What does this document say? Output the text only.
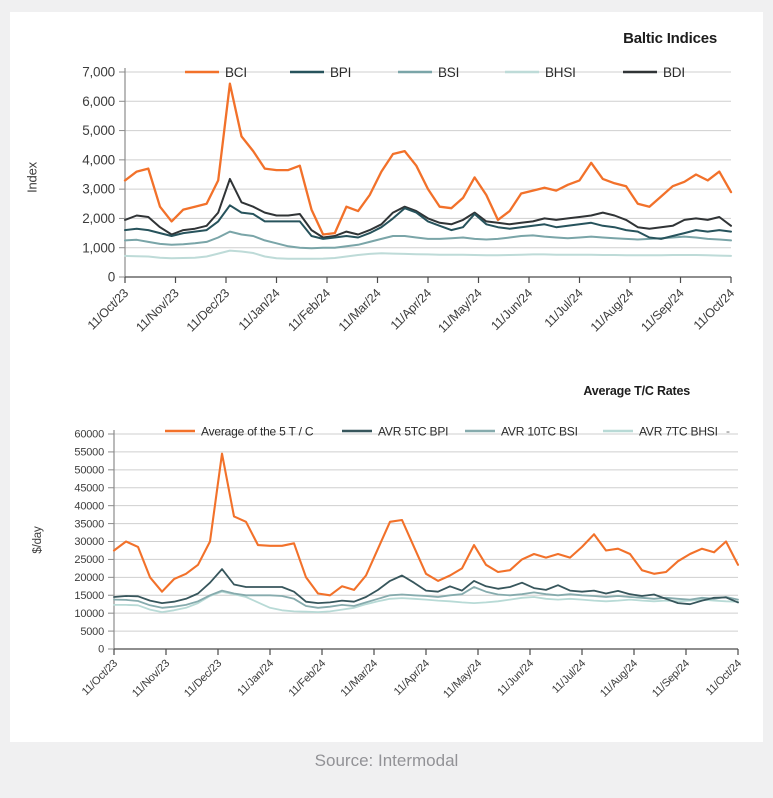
Baltic Indices
Index
0
1,000
2,000
3,000
4,000
5,000
6,000
7,000
11/Oct/23 11/Nov/23 11/Dec/23 11/Jan/24 11/Feb/24 11/Mar/24 11/Apr/24 11/May/24 11/Jun/24 11/Jul/24 11/Aug/24 11/Sep/24 11/Oct/24
BCI	BPI	BSI	BHSI	BDI
Average T/C Rates
$/day
0
5000
10000
15000
20000
25000
30000
35000
40000
45000
50000
55000
60000
11/Oct/23 11/Nov/23 11/Dec/23 11/Jan/24 11/Feb/24 11/Mar/24 11/Apr/24 11/May/24 11/Jun/24 11/Jul/24 11/Aug/24 11/Sep/24 11/Oct/24
Average of the 5 T / C	AVR 5TC BPI	AVR 10TC BSI	AVR 7TC BHSI -
Source: Intermodal
